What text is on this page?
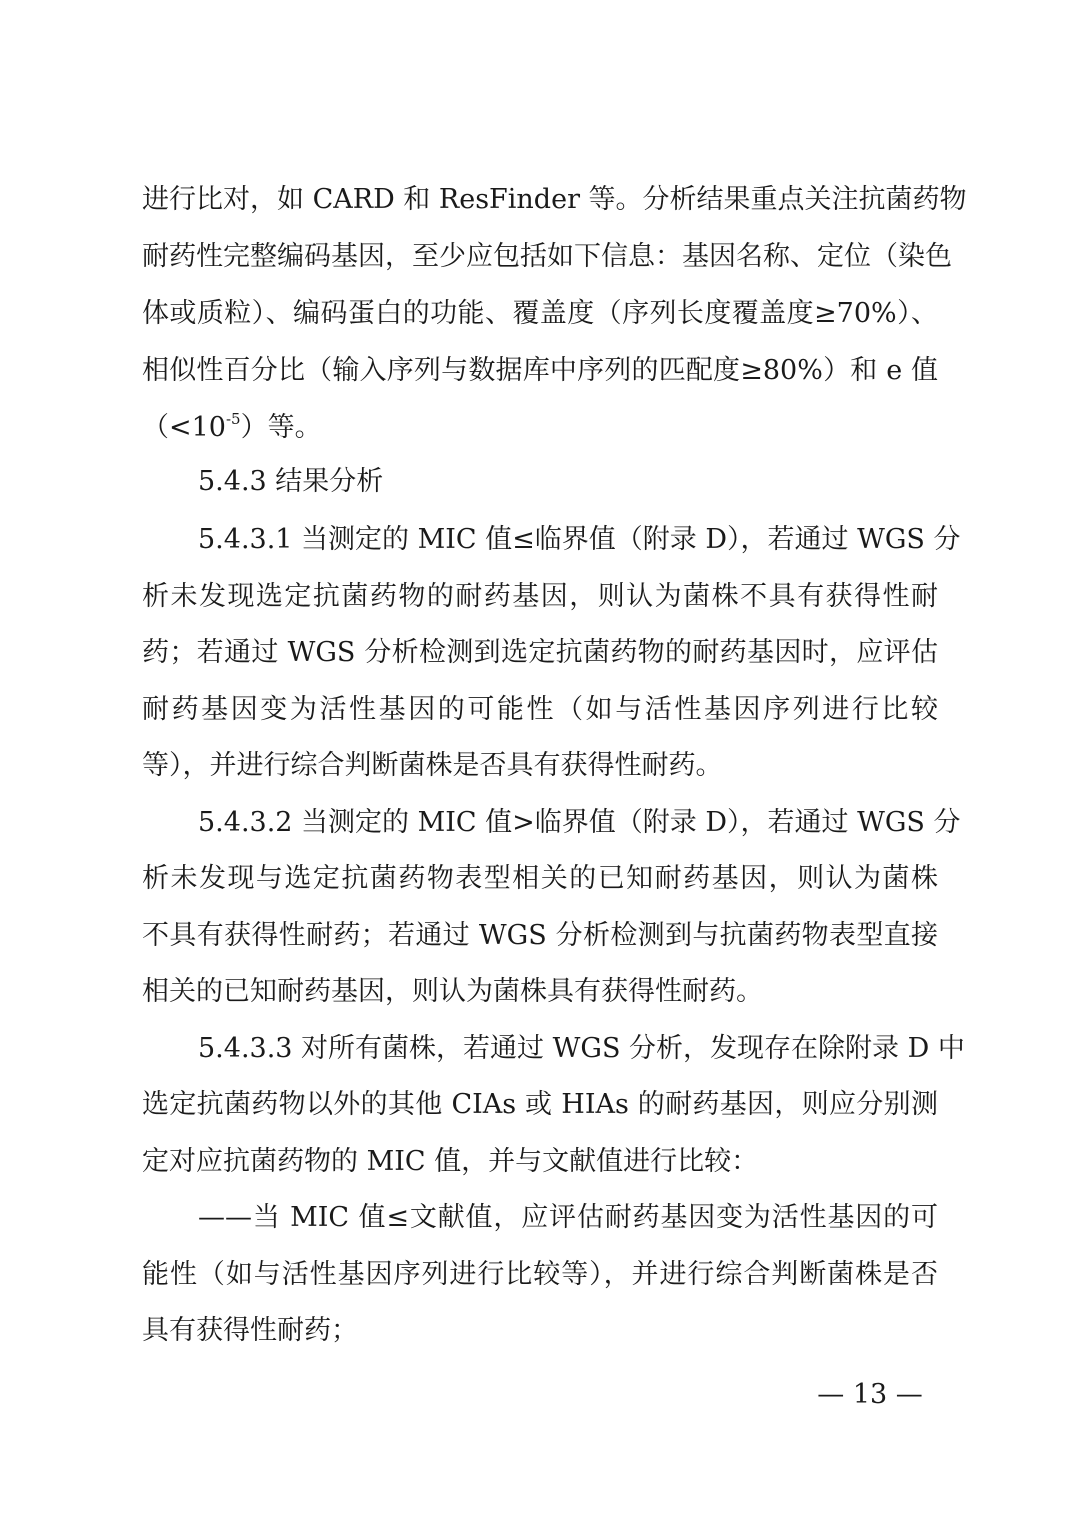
进行比对，如 CARD 和 ResFinder 等。分析结果重点关注抗菌药物
耐药性完整编码基因，至少应包括如下信息：基因名称、定位（染色
体或质粒）、编码蛋白的功能、覆盖度（序列长度覆盖度≥70%）、
相似性百分比（输入序列与数据库中序列的匹配度≥80%）和 e 值
$(<10^{-5})$等。
5.4.3 结果分析
5.4.3.1 当测定的 MIC 值≤临界值（附录 D），若通过 WGS 分
析未发现选定抗菌药物的耐药基因，则认为菌株不具有获得性耐
药；若通过 WGS 分析检测到选定抗菌药物的耐药基因时，应评估
耐药基因变为活性基因的可能性（如与活性基因序列进行比较
等），并进行综合判断菌株是否具有获得性耐药。
5.4.3.2 当测定的 MIC 值>临界值（附录 D），若通过 WGS 分
析未发现与选定抗菌药物表型相关的已知耐药基因，则认为菌株
不具有获得性耐药；若通过 WGS 分析检测到与抗菌药物表型直接
相关的已知耐药基因，则认为菌株具有获得性耐药。
5.4.3.3 对所有菌株，若通过 WGS 分析，发现存在除附录 D 中
选定抗菌药物以外的其他 CIAs 或 HIAs 的耐药基因，则应分别测
定对应抗菌药物的 MIC 值，并与文献值进行比较：
——当 MIC 值≤文献值，应评估耐药基因变为活性基因的可
能性（如与活性基因序列进行比较等），并进行综合判断菌株是否
具有获得性耐药；
— 13 —
